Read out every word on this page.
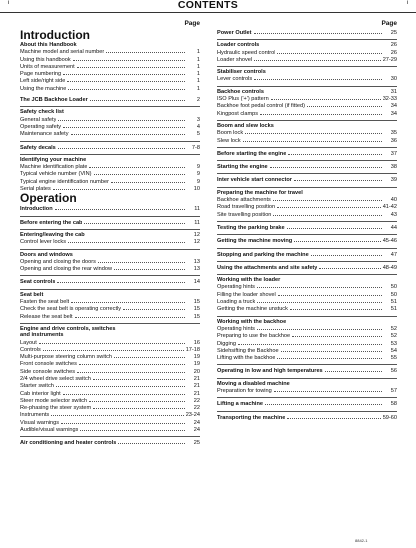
i	CONTENTS	i
Page
Introduction
About this Handbook
Machine model and serial number	1
Using this handbook	1
Units of measurement	1
Page numbering	1
Left side/right side	1
Using the machine	1
The JCB Backhoe Loader	2
Safety check list
General safety	3
Operating safety	4
Maintenance safety	5
Safety decals	7-8
Identifying your machine
Machine identification plate	9
Typical vehicle number (VIN)	9
Typical engine identification number	9
Serial plates	10
Operation
Introduction	11
Before entering the cab	11
Entering/leaving the cab	12
Control lever locks	12
Doors and windows
Opening and closing the doors	13
Opening and closing the rear window	13
Seat controls	14
Seat belt
Fasten the seat belt	15
Check the seat belt is operating correctly	15
Release the seat belt	15
Engine and drive controls, switches
and instruments
Layout	16
Controls	17-18
Multi-purpose steering column switch	19
Front console switches	19
Side console switches	20
2/4 wheel drive select switch	21
Starter switch	21
Cab interior light	21
Steer mode selector switch	22
Re-phasing the steer system	22
Instruments	23-24
Visual warnings	24
Audible/visual warnings	24
Air conditioning and heater controls	25
Page
Power Outlet	25
Loader controls	26
Hydraulic speed control	26
Loader shovel	27-29
Stabiliser controls
Lever controls	30
Backhoe controls	31
ISO Plus ('+') pattern	32-33
Backhoe foot pedal control (if fitted)	34
Kingpost clamps	34
Boom and slew locks
Boom lock	35
Slew lock	36
Before starting the engine	37
Starting the engine	38
Inter vehicle start connector	39
Preparing the machine for travel
Backhoe attachments	40
Road travelling position	41-42
Site travelling position	43
Testing the parking brake	44
Getting the machine moving	45-46
Stopping and parking the machine	47
Using the attachments and site safety	48-49
Working with the loader
Operating hints	50
Filling the loader shovel	50
Loading a truck	51
Getting the machine unstuck	51
Working with the backhoe
Operating hints	52
Preparing to use the backhoe	52
Digging	53
Sidehsifting the Backhoe	54
Lifting with the backhoe	55
Operating in low and high temperatures	56
Moving a disabled machine
Preparation for towing	57
Lifting a machine	58
Transporting the machine	59-60
8842-1
